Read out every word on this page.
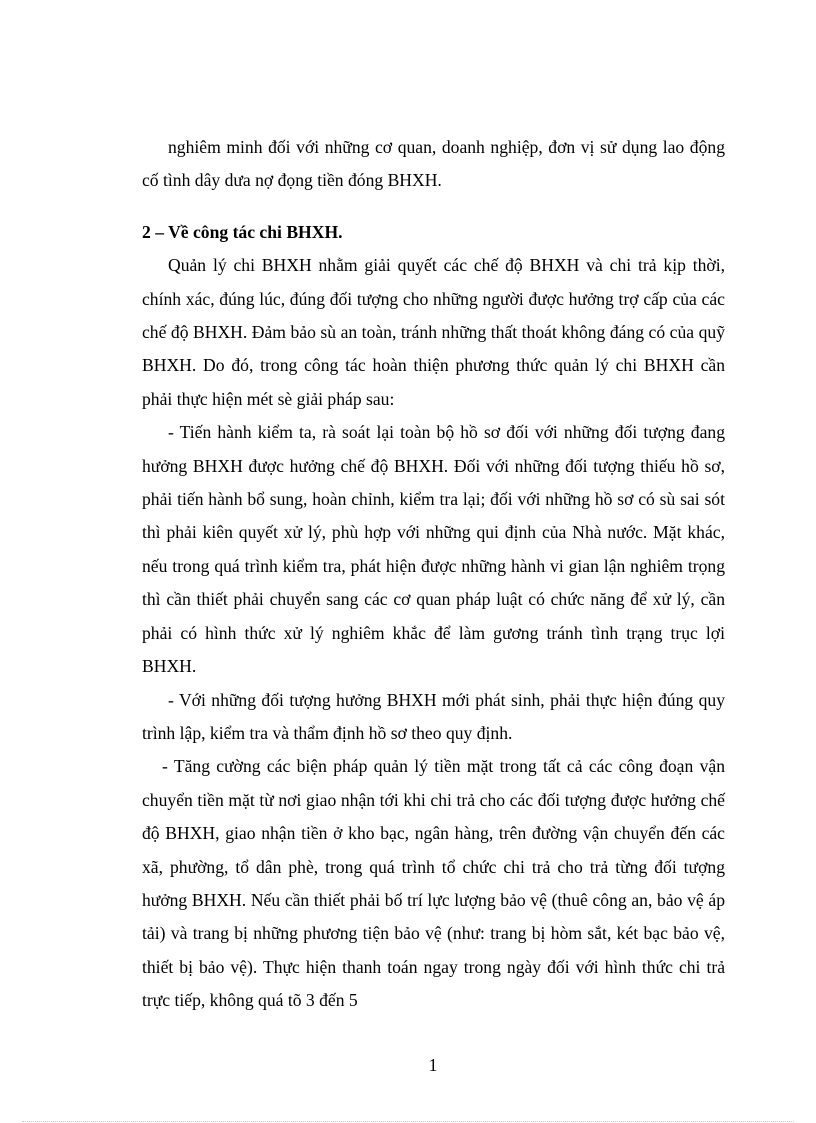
nghiêm minh đối với những cơ quan, doanh nghiệp, đơn vị sử dụng lao động cố tình dây dưa nợ đọng tiền đóng BHXH.

2 – Về công tác chi BHXH.

Quản lý chi BHXH nhằm giải quyết các chế độ BHXH và chi trả kịp thời, chính xác, đúng lúc, đúng đối tượng cho những người được hưởng trợ cấp của các chế độ BHXH. Đảm bảo sù an toàn, tránh những thất thoát không đáng có của quỹ BHXH. Do đó, trong công tác hoàn thiện phương thức quản lý chi BHXH cần phải thực hiện mét sè giải pháp sau:

- Tiến hành kiểm ta, rà soát lại toàn bộ hồ sơ đối với những đối tượng đang hưởng BHXH được hưởng chế độ BHXH. Đối với những đối tượng thiếu hồ sơ, phải tiến hành bổ sung, hoàn chỉnh, kiểm tra lại; đối với những hồ sơ có sù sai sót thì phải kiên quyết xử lý, phù hợp với những qui định của Nhà nước. Mặt khác, nếu trong quá trình kiểm tra, phát hiện được những hành vi gian lận nghiêm trọng thì cần thiết phải chuyển sang các cơ quan pháp luật có chức năng để xử lý, cần phải có hình thức xử lý nghiêm khắc để làm gương tránh tình trạng trục lợi BHXH.

- Với những đối tượng hưởng BHXH mới phát sinh, phải thực hiện đúng quy trình lập, kiểm tra và thẩm định hồ sơ theo quy định.

- Tăng cường các biện pháp quản lý tiền mặt trong tất cả các công đoạn vận chuyển tiền mặt từ nơi giao nhận tới khi chi trả cho các đối tượng được hưởng chế độ BHXH, giao nhận tiền ở kho bạc, ngân hàng, trên đường vận chuyển đến các xã, phường, tổ dân phè, trong quá trình tổ chức chi trả cho trả từng đối tượng hưởng BHXH. Nếu cần thiết phải bố trí lực lượng bảo vệ (thuê công an, bảo vệ áp tải) và trang bị những phương tiện bảo vệ (như: trang bị hòm sắt, két bạc bảo vệ, thiết bị bảo vệ). Thực hiện thanh toán ngay trong ngày đối với hình thức chi trả trực tiếp, không quá tõ 3 đến 5

1
